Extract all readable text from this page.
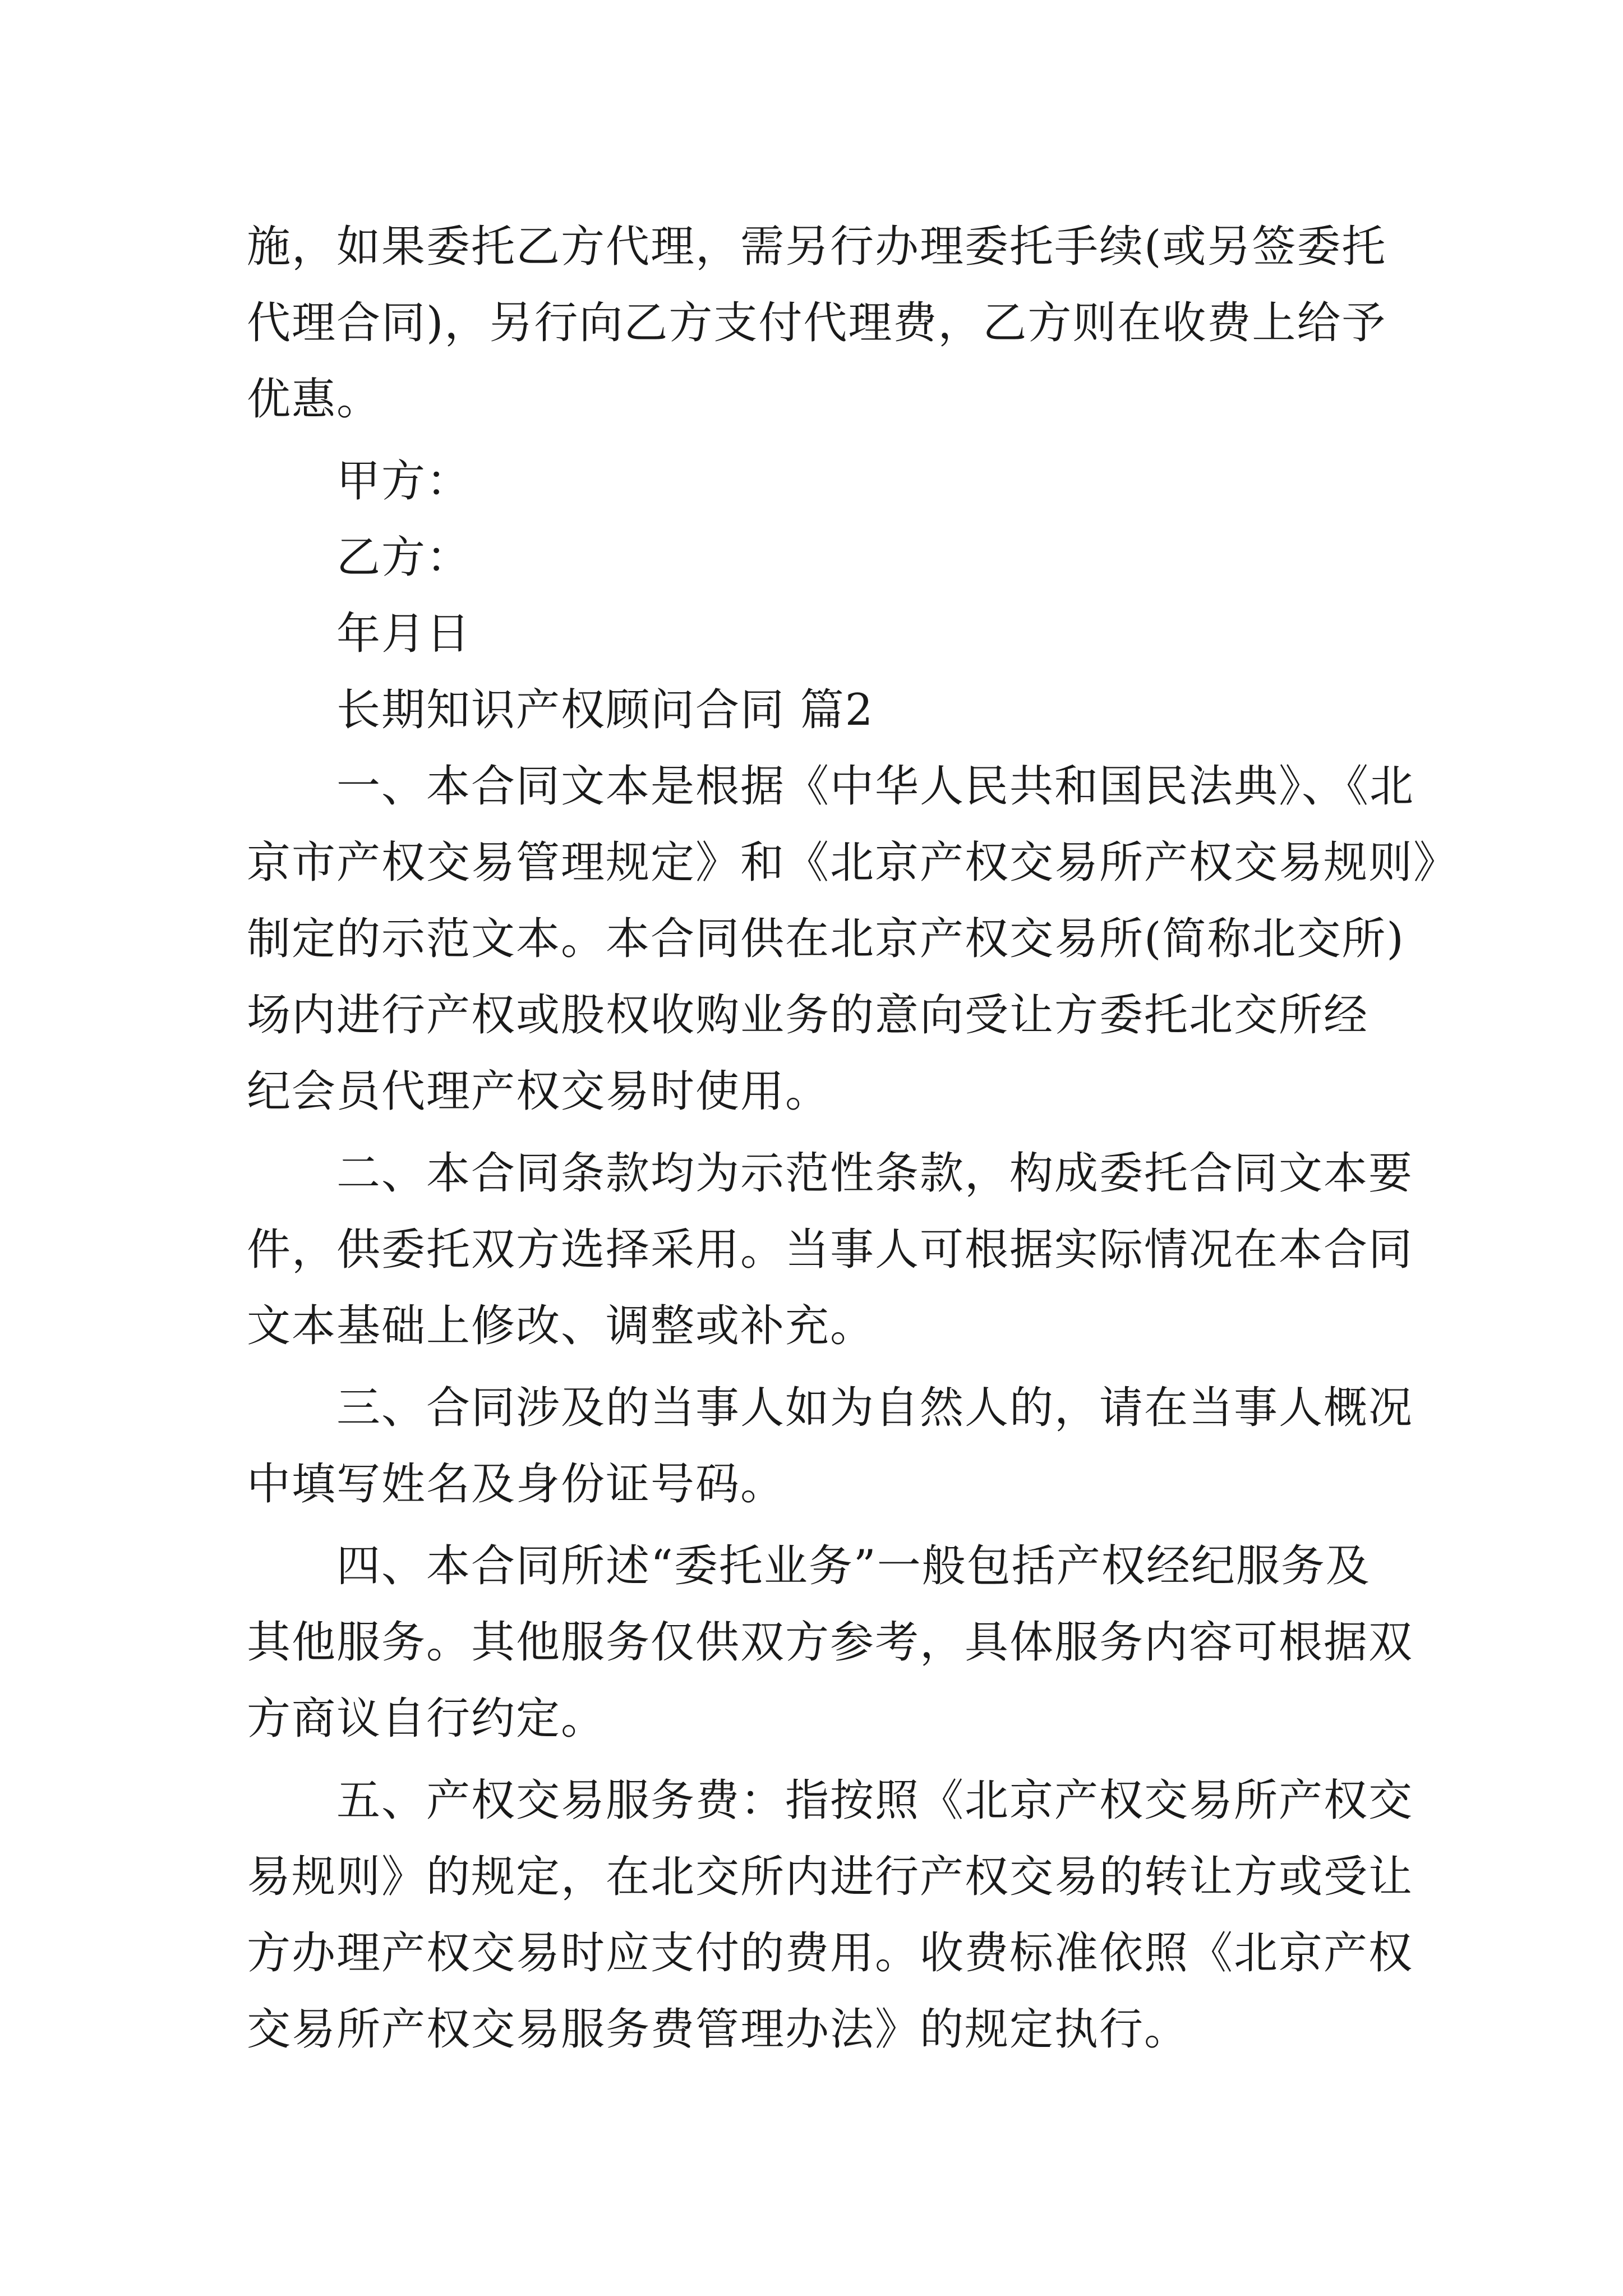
施，如果委托乙方代理，需另行办理委托手续(或另签委托
代理合同)，另行向乙方支付代理费，乙方则在收费上给予
优惠。
甲方：
乙方：
年月日
长期知识产权顾问合同 篇2
一、本合同文本是根据《中华人民共和国民法典》、《北
京市产权交易管理规定》和《北京产权交易所产权交易规则》
制定的示范文本。本合同供在北京产权交易所(简称北交所)
场内进行产权或股权收购业务的意向受让方委托北交所经
纪会员代理产权交易时使用。
二、本合同条款均为示范性条款，构成委托合同文本要
件，供委托双方选择采用。当事人可根据实际情况在本合同
文本基础上修改、调整或补充。
三、合同涉及的当事人如为自然人的，请在当事人概况
中填写姓名及身份证号码。
四、本合同所述“委托业务”一般包括产权经纪服务及
其他服务。其他服务仅供双方参考，具体服务内容可根据双
方商议自行约定。
五、产权交易服务费：指按照《北京产权交易所产权交
易规则》的规定，在北交所内进行产权交易的转让方或受让
方办理产权交易时应支付的费用。收费标准依照《北京产权
交易所产权交易服务费管理办法》的规定执行。
